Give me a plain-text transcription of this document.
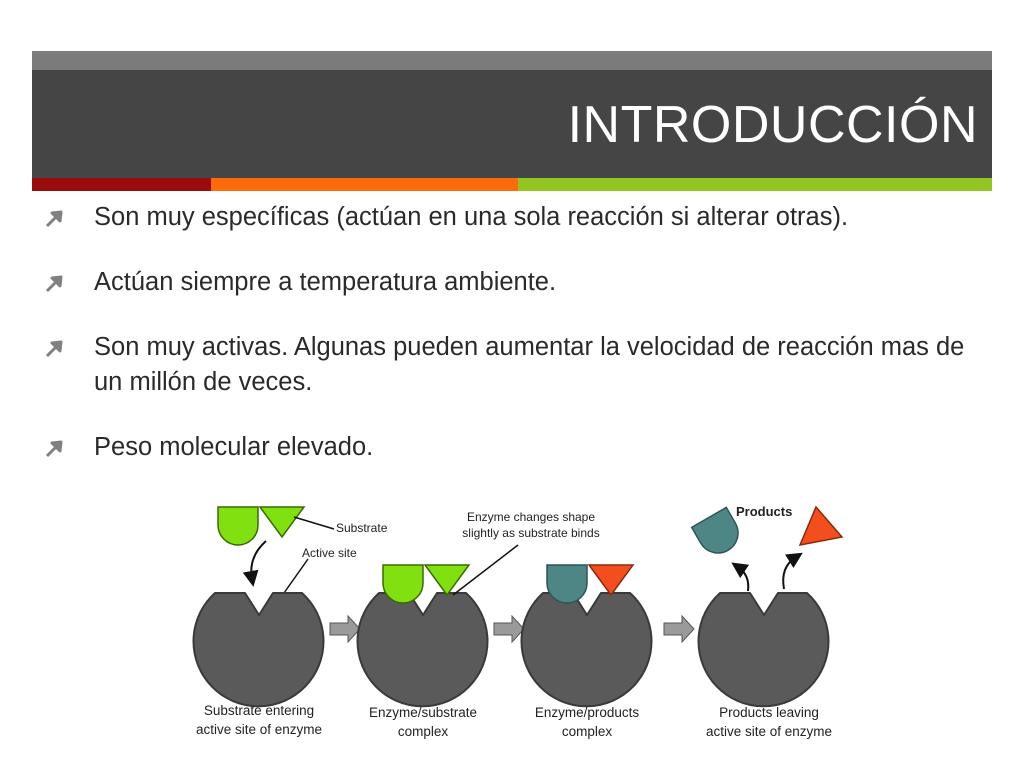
INTRODUCCIÓN
Son muy específicas (actúan en una sola reacción si alterar otras).
Actúan siempre a temperatura ambiente.
Son muy activas. Algunas pueden aumentar la velocidad de reacción mas de un millón de veces.
Peso molecular elevado.
Substrate
Active site
Enzyme changes shape
slightly as substrate binds
Products
Substrate entering
active site of enzyme
Enzyme/substrate
complex
Enzyme/products
complex
Products leaving
active site of enzyme
